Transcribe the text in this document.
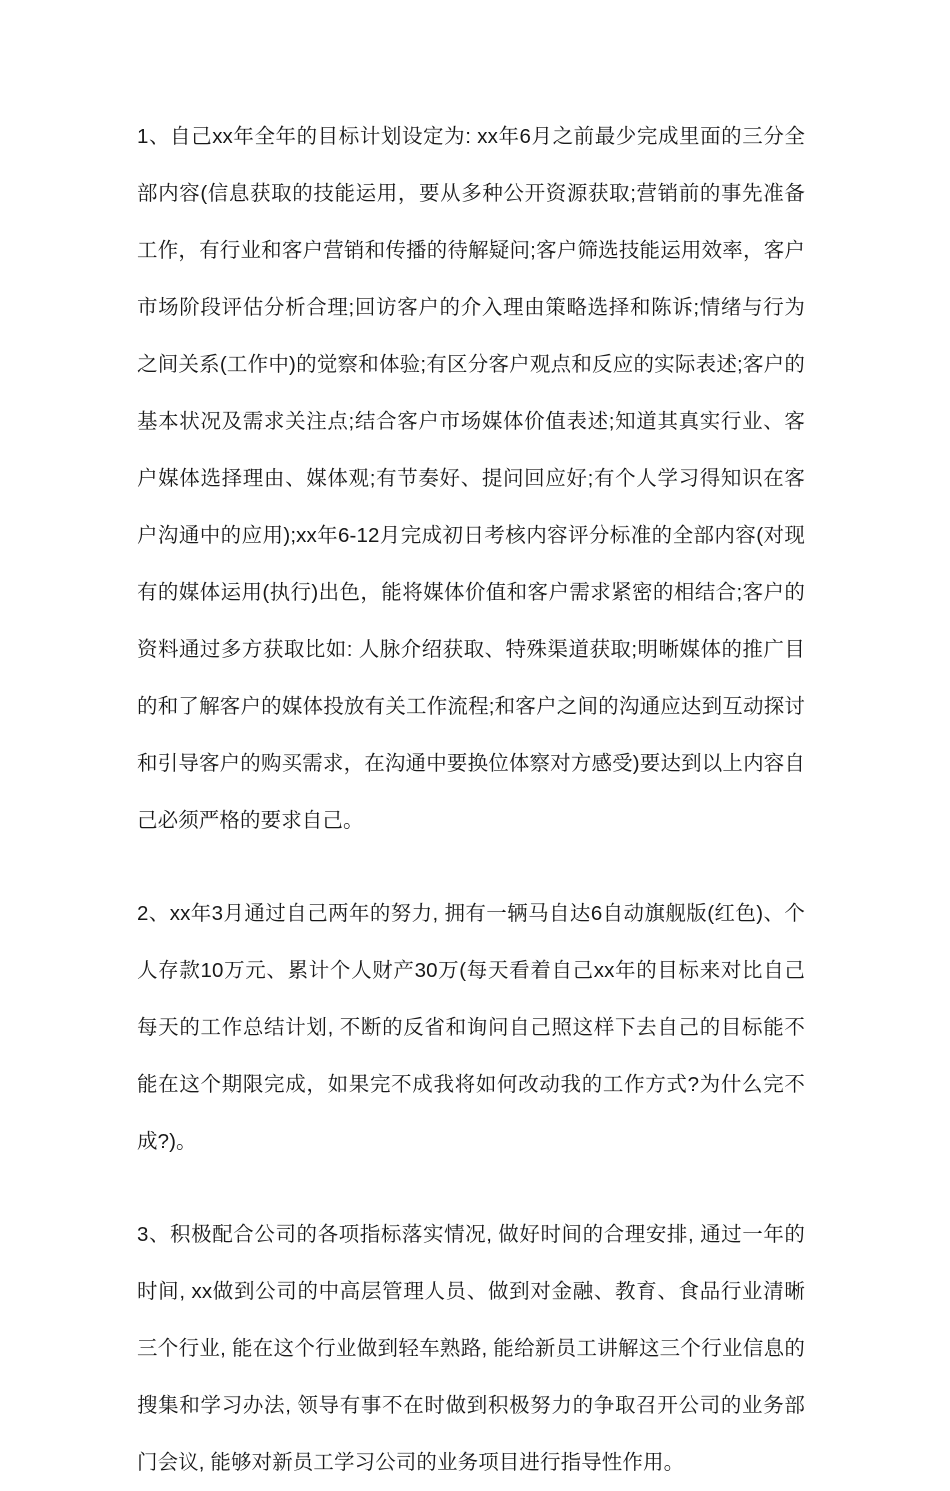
1、自己xx年全年的目标计划设定为: xx年6月之前最少完成里面的三分全部内容(信息获取的技能运用，要从多种公开资源获取;营销前的事先准备工作，有行业和客户营销和传播的待解疑问;客户筛选技能运用效率，客户市场阶段评估分析合理;回访客户的介入理由策略选择和陈诉;情绪与行为之间关系(工作中)的觉察和体验;有区分客户观点和反应的实际表述;客户的基本状况及需求关注点;结合客户市场媒体价值表述;知道其真实行业、客户媒体选择理由、媒体观;有节奏好、提问回应好;有个人学习得知识在客户沟通中的应用);xx年6-12月完成初日考核内容评分标准的全部内容(对现有的媒体运用(执行)出色，能将媒体价值和客户需求紧密的相结合;客户的资料通过多方获取比如: 人脉介绍获取、特殊渠道获取;明晰媒体的推广目的和了解客户的媒体投放有关工作流程;和客户之间的沟通应达到互动探讨和引导客户的购买需求，在沟通中要换位体察对方感受)要达到以上内容自己必须严格的要求自己。

2、xx年3月通过自己两年的努力, 拥有一辆马自达6自动旗舰版(红色)、个人存款10万元、累计个人财产30万(每天看着自己xx年的目标来对比自己每天的工作总结计划, 不断的反省和询问自己照这样下去自己的目标能不能在这个期限完成，如果完不成我将如何改动我的工作方式?为什么完不成?)。

3、积极配合公司的各项指标落实情况, 做好时间的合理安排, 通过一年的时间, xx做到公司的中高层管理人员、做到对金融、教育、食品行业清晰三个行业, 能在这个行业做到轻车熟路, 能给新员工讲解这三个行业信息的搜集和学习办法, 领导有事不在时做到积极努力的争取召开公司的业务部门会议, 能够对新员工学习公司的业务项目进行指导性作用。
